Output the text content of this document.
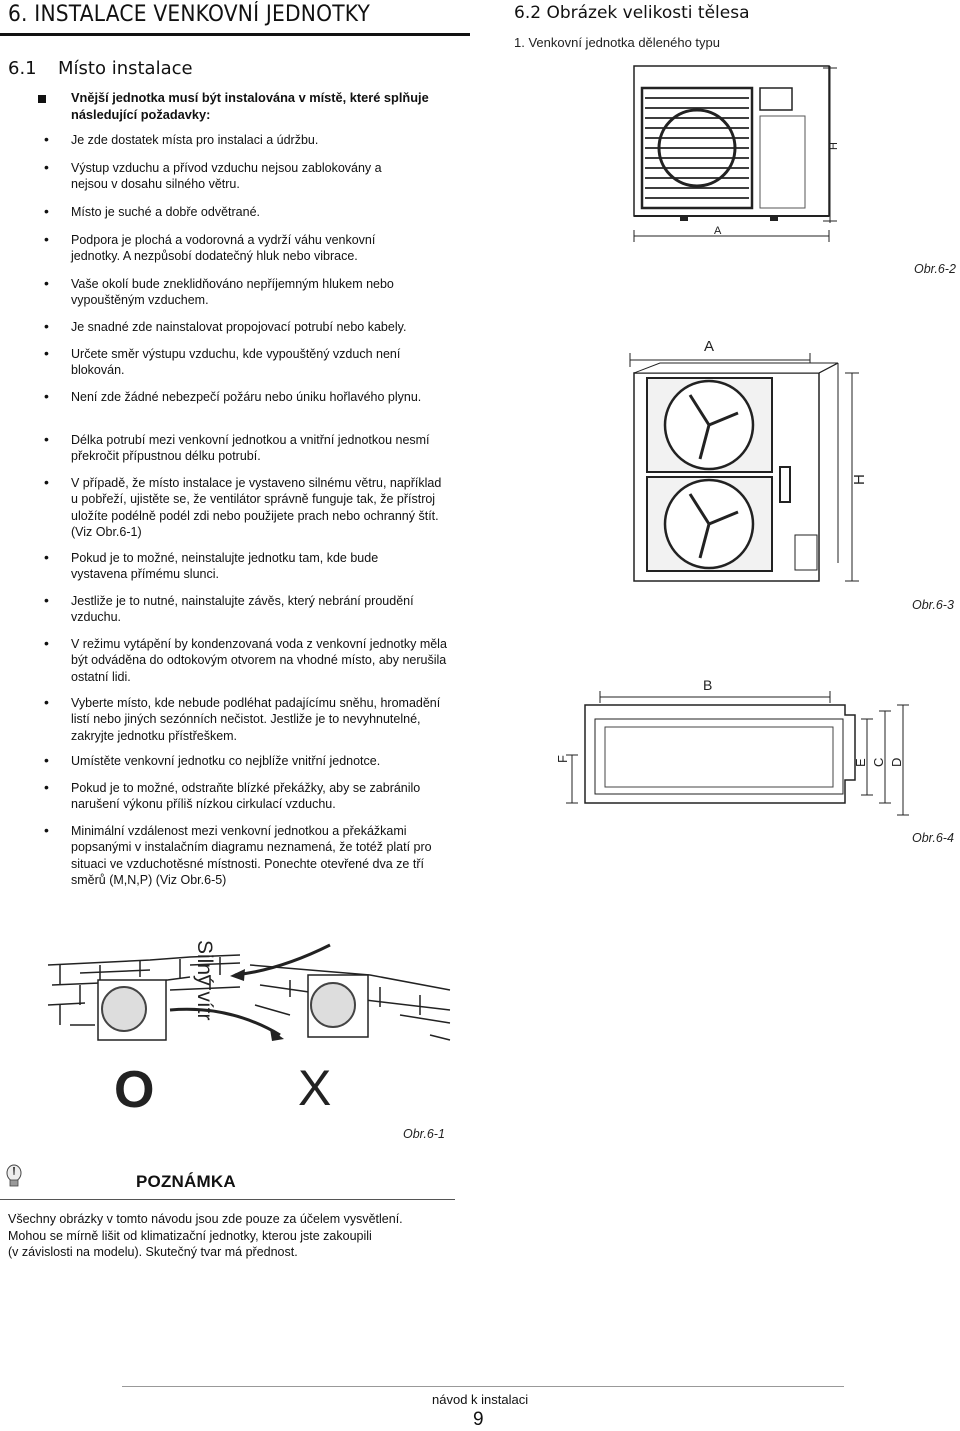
6. INSTALACE VENKOVNÍ JEDNOTKY
6.1 Místo instalace
6.2 Obrázek velikosti tělesa
1. Venkovní jednotka děleného typu
Vnější jednotka musí být instalována v místě, které splňuje následující požadavky:
• Je zde dostatek místa pro instalaci a údržbu.
• Výstup vzduchu a přívod vzduchu nejsou zablokovány a nejsou v dosahu silného větru.
• Místo je suché a dobře odvětrané.
• Podpora je plochá a vodorovná a vydrží váhu venkovní jednotky. A nezpůsobí dodatečný hluk nebo vibrace.
• Vaše okolí bude zneklidňováno nepříjemným hlukem nebo vypouštěným vzduchem.
• Je snadné zde nainstalovat propojovací potrubí nebo kabely.
• Určete směr výstupu vzduchu, kde vypouštěný vzduch není blokován.
• Není zde žádné nebezpečí požáru nebo úniku hořlavého plynu.
• Délka potrubí mezi venkovní jednotkou a vnitřní jednotkou nesmí překročit přípustnou délku potrubí.
• V případě, že místo instalace je vystaveno silnému větru, například u pobřeží, ujistěte se, že ventilátor správně funguje tak, že přístroj uložíte podélně podél zdi nebo použijete prach nebo ochranný štít.(Viz Obr.6-1)
• Pokud je to možné, neinstalujte jednotku tam, kde bude vystavena přímému slunci.
• Jestliže je to nutné, nainstalujte závěs, který nebrání proudění vzduchu.
• V režimu vytápění by kondenzovaná voda z venkovní jednotky měla být odváděna do odtokovým otvorem na vhodné místo, aby nerušila ostatní lidi.
• Vyberte místo, kde nebude podléhat padajícímu sněhu, hromadění listí nebo jiných sezónních nečistot. Jestliže je to nevyhnutelné, zakryjte jednotku přístřeškem.
• Umístěte venkovní jednotku co nejblíže vnitřní jednotce.
• Pokud je to možné, odstraňte blízké překážky, aby se zabránilo narušení výkonu příliš nízkou cirkulací vzduchu.
• Minimální vzdálenost mezi venkovní jednotkou a překážkami popsanými v instalačním diagramu neznamená, že totéž platí pro situaci ve vzduchotěsné místnosti. Ponechte otevřené dva ze tří směrů (M,N,P) (Viz Obr.6-5)
A
H
Obr.6-2
A
H
Obr.6-3
B
F	E C D
Obr.6-4
Silný vítr
O	X
Obr.6-1
POZNÁMKA
Všechny obrázky v tomto návodu jsou zde pouze za účelem vysvětlení.
Mohou se mírně lišit od klimatizační jednotky, kterou jste zakoupili
(v závislosti na modelu). Skutečný tvar má přednost.
návod k instalaci
9
